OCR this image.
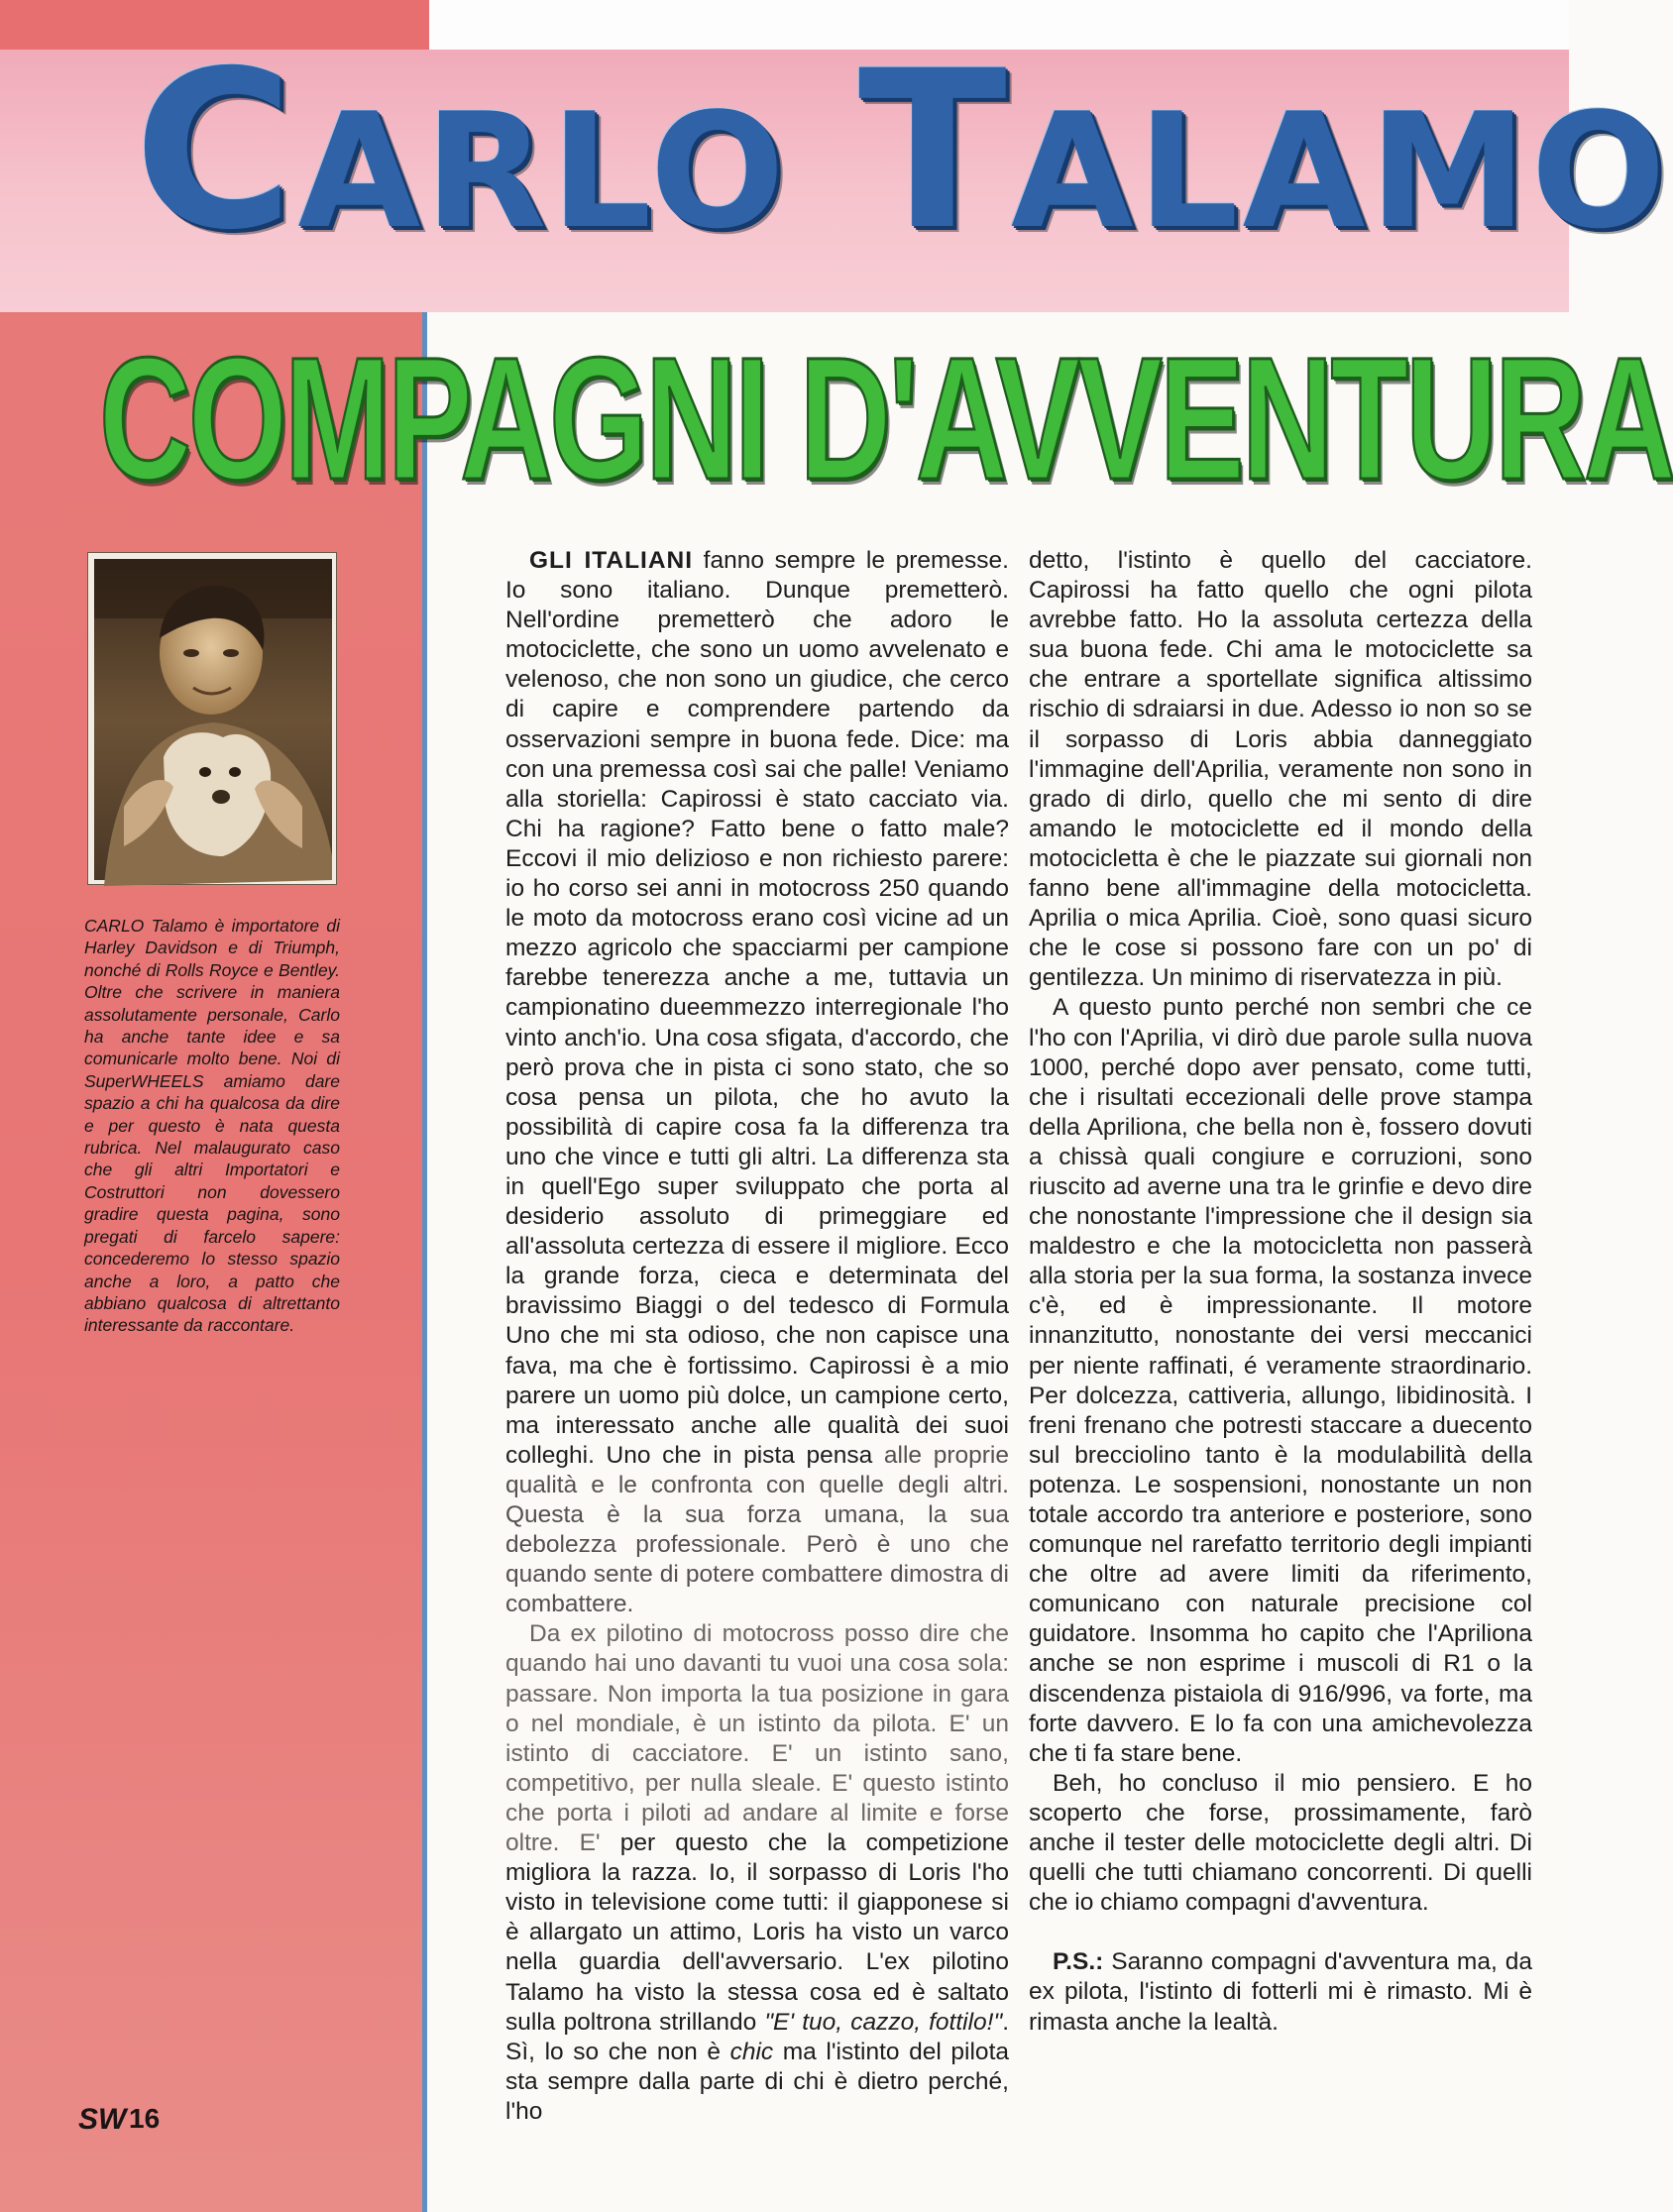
CARLO TALAMO
COMPAGNI D'AVVENTURA

CARLO Talamo è importatore di Harley Davidson e di Triumph, nonché di Rolls Royce e Bentley. Oltre che scrivere in maniera assolutamente personale, Carlo ha anche tante idee e sa comunicarle molto bene. Noi di SuperWHEELS amiamo dare spazio a chi ha qualcosa da dire e per questo è nata questa rubrica. Nel malaugurato caso che gli altri Importatori e Costruttori non dovessero gradire questa pagina, sono pregati di farcelo sapere: concederemo lo stesso spazio anche a loro, a patto che abbiano qualcosa di altrettanto interessante da raccontare.

GLI ITALIANI fanno sempre le premesse. Io sono italiano. Dunque premetterò. Nell'ordine premetterò che adoro le motociclette, che sono un uomo avvelenato e velenoso, che non sono un giudice, che cerco di capire e comprendere partendo da osservazioni sempre in buona fede. Dice: ma con una premessa così sai che palle! Veniamo alla storiella: Capirossi è stato cacciato via. Chi ha ragione? Fatto bene o fatto male? Eccovi il mio delizioso e non richiesto parere: io ho corso sei anni in motocross 250 quando le moto da motocross erano così vicine ad un mezzo agricolo che spacciarmi per campione farebbe tenerezza anche a me, tuttavia un campionatino dueemmezzo interregionale l'ho vinto anch'io. Una cosa sfigata, d'accordo, che però prova che in pista ci sono stato, che so cosa pensa un pilota, che ho avuto la possibilità di capire cosa fa la differenza tra uno che vince e tutti gli altri. La differenza sta in quell'Ego super sviluppato che porta al desiderio assoluto di primeggiare ed all'assoluta certezza di essere il migliore. Ecco la grande forza, cieca e determinata del bravissimo Biaggi o del tedesco di Formula Uno che mi sta odioso, che non capisce una fava, ma che è fortissimo. Capirossi è a mio parere un uomo più dolce, un campione certo, ma interessato anche alle qualità dei suoi colleghi. Uno che in pista pensa alle proprie qualità e le confronta con quelle degli altri. Questa è la sua forza umana, la sua debolezza professionale. Però è uno che quando sente di potere combattere dimostra di combattere.

Da ex pilotino di motocross posso dire che quando hai uno davanti tu vuoi una cosa sola: passare. Non importa la tua posizione in gara o nel mondiale, è un istinto da pilota. E' un istinto di cacciatore. E' un istinto sano, competitivo, per nulla sleale. E' questo istinto che porta i piloti ad andare al limite e forse oltre. E' per questo che la competizione migliora la razza. Io, il sorpasso di Loris l'ho visto in televisione come tutti: il giapponese si è allargato un attimo, Loris ha visto un varco nella guardia dell'avversario. L'ex pilotino Talamo ha visto la stessa cosa ed è saltato sulla poltrona strillando "E' tuo, cazzo, fottilo!". Sì, lo so che non è chic ma l'istinto del pilota sta sempre dalla parte di chi è dietro perché, l'ho

detto, l'istinto è quello del cacciatore. Capirossi ha fatto quello che ogni pilota avrebbe fatto. Ho la assoluta certezza della sua buona fede. Chi ama le motociclette sa che entrare a sportellate significa altissimo rischio di sdraiarsi in due. Adesso io non so se il sorpasso di Loris abbia danneggiato l'immagine dell'Aprilia, veramente non sono in grado di dirlo, quello che mi sento di dire amando le motociclette ed il mondo della motocicletta è che le piazzate sui giornali non fanno bene all'immagine della motocicletta. Aprilia o mica Aprilia. Cioè, sono quasi sicuro che le cose si possono fare con un po' di gentilezza. Un minimo di riservatezza in più.

A questo punto perché non sembri che ce l'ho con l'Aprilia, vi dirò due parole sulla nuova 1000, perché dopo aver pensato, come tutti, che i risultati eccezionali delle prove stampa della Apriliona, che bella non è, fossero dovuti a chissà quali congiure e corruzioni, sono riuscito ad averne una tra le grinfie e devo dire che nonostante l'impressione che il design sia maldestro e che la motocicletta non passerà alla storia per la sua forma, la sostanza invece c'è, ed è impressionante. Il motore innanzitutto, nonostante dei versi meccanici per niente raffinati, é veramente straordinario. Per dolcezza, cattiveria, allungo, libidinosità. I freni frenano che potresti staccare a duecento sul brecciolino tanto è la modulabilità della potenza. Le sospensioni, nonostante un non totale accordo tra anteriore e posteriore, sono comunque nel rarefatto territorio degli impianti che oltre ad avere limiti da riferimento, comunicano con naturale precisione col guidatore. Insomma ho capito che l'Apriliona anche se non esprime i muscoli di R1 o la discendenza pistaiola di 916/996, va forte, ma forte davvero. E lo fa con una amichevolezza che ti fa stare bene.

Beh, ho concluso il mio pensiero. E ho scoperto che forse, prossimamente, farò anche il tester delle motociclette degli altri. Di quelli che tutti chiamano concorrenti. Di quelli che io chiamo compagni d'avventura.

P.S.: Saranno compagni d'avventura ma, da ex pilota, l'istinto di fotterli mi è rimasto. Mi è rimasta anche la lealtà.

SW 16
